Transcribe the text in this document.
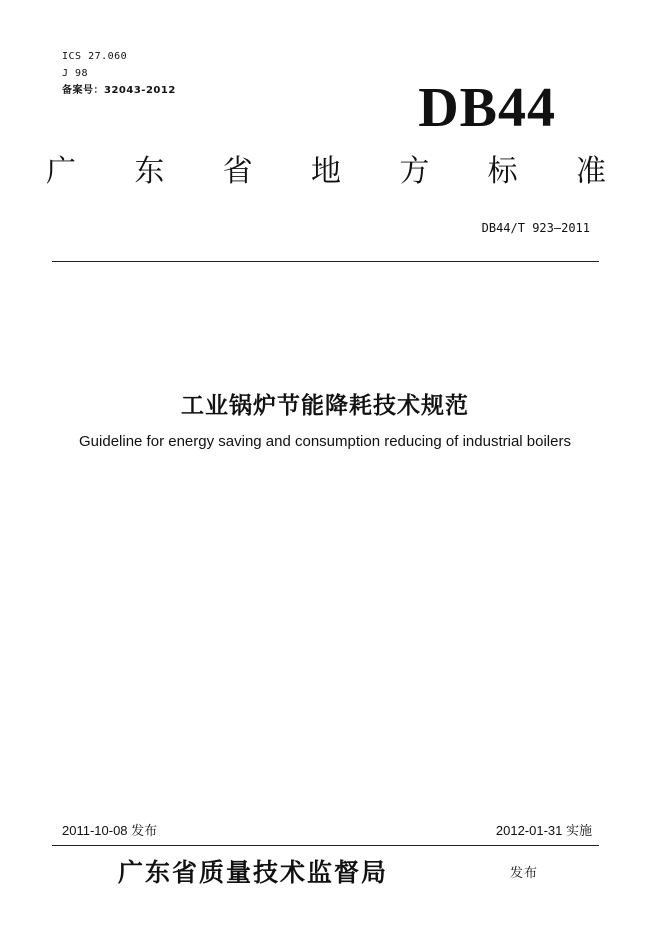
ICS 27.060
J 98
备案号：32043-2012	DB44
广 东 省 地 方 标 准
DB44/T 923—2011
工业锅炉节能降耗技术规范
Guideline for energy saving and consumption reducing of industrial boilers
2011-10-08 发布	2012-01-31 实施
广东省质量技术监督局	发布
